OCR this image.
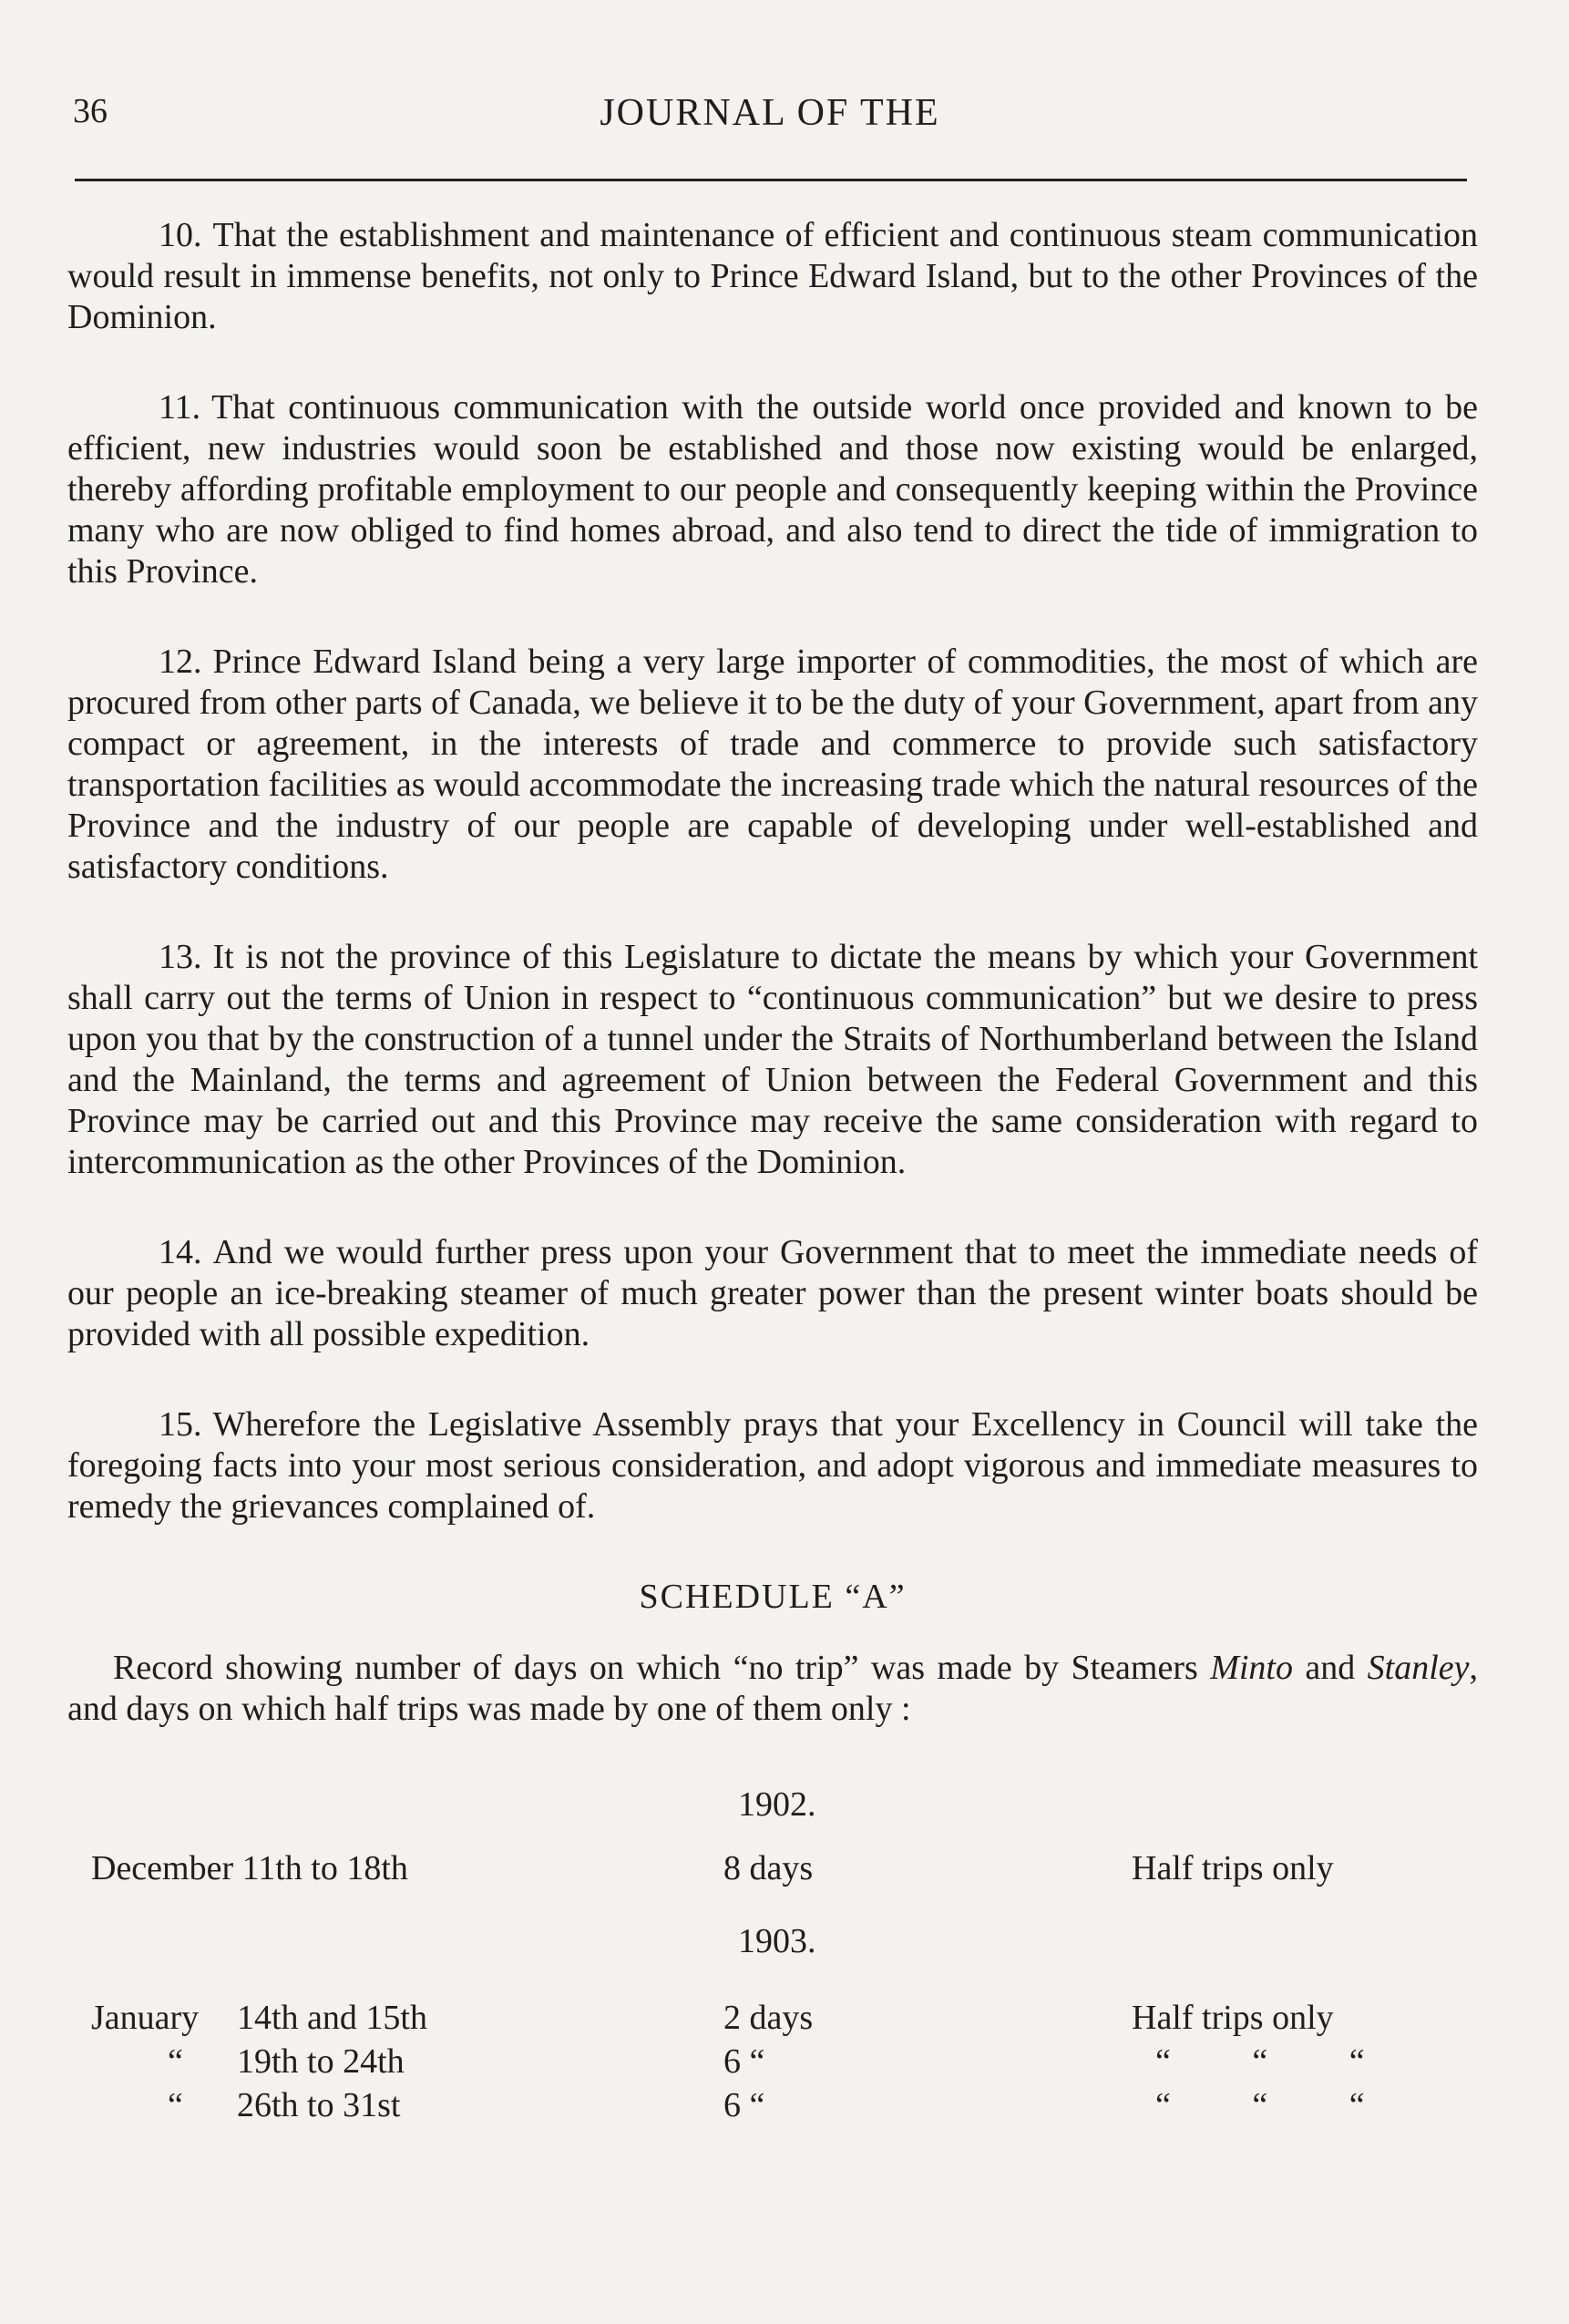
36	JOURNAL OF THE

10. That the establishment and maintenance of efficient and continuous steam communication would result in immense benefits, not only to Prince Edward Island, but to the other Provinces of the Dominion.

11. That continuous communication with the outside world once provided and known to be efficient, new industries would soon be established and those now existing would be enlarged, thereby affording profitable employment to our people and consequently keeping within the Province many who are now obliged to find homes abroad, and also tend to direct the tide of immigration to this Province.

12. Prince Edward Island being a very large importer of commodities, the most of which are procured from other parts of Canada, we believe it to be the duty of your Government, apart from any compact or agreement, in the interests of trade and commerce to provide such satisfactory transportation facilities as would accommodate the increasing trade which the natural resources of the Province and the industry of our people are capable of developing under well-established and satisfactory conditions.

13. It is not the province of this Legislature to dictate the means by which your Government shall carry out the terms of Union in respect to “continuous communication” but we desire to press upon you that by the construction of a tunnel under the Straits of Northumberland between the Island and the Mainland, the terms and agreement of Union between the Federal Government and this Province may be carried out and this Province may receive the same consideration with regard to intercommunication as the other Provinces of the Dominion.

14. And we would further press upon your Government that to meet the immediate needs of our people an ice-breaking steamer of much greater power than the present winter boats should be provided with all possible expedition.

15. Wherefore the Legislative Assembly prays that your Excellency in Council will take the foregoing facts into your most serious consideration, and adopt vigorous and immediate measures to remedy the grievances complained of.

SCHEDULE “A”

Record showing number of days on which “no trip” was made by Steamers Minto and Stanley, and days on which half trips was made by one of them only :

1902.
December 11th to 18th	8 days	Half trips only
1903.
January 14th and 15th	2 days	Half trips only
“ 19th to 24th	6 “	“ “ “
“ 26th to 31st	6 “	“ “ “
